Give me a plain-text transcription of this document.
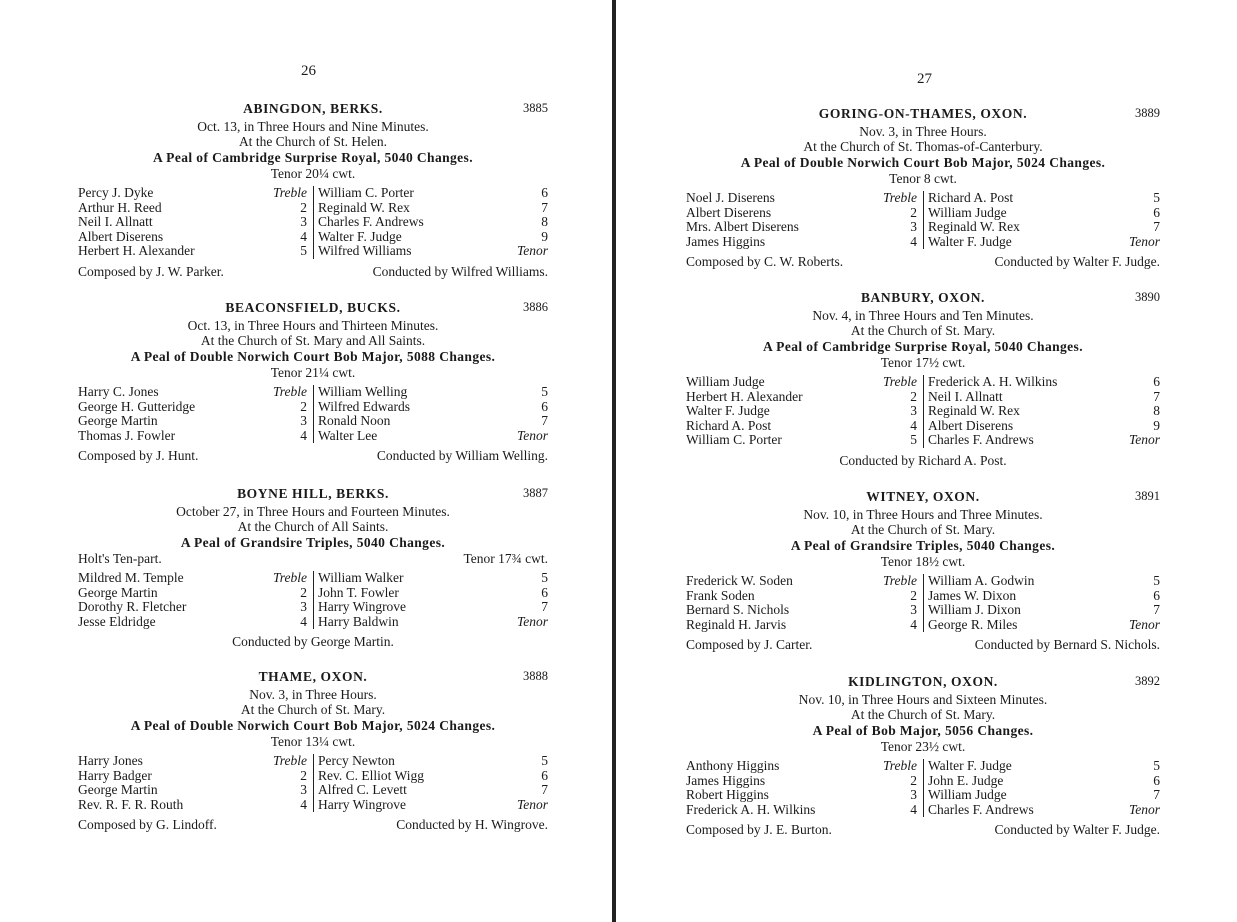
26
ABINGDON, BERKS.	3885
Oct. 13, in Three Hours and Nine Minutes.
At the Church of St. Helen.
A Peal of Cambridge Surprise Royal, 5040 Changes.
Tenor 20¼ cwt.
Percy J. Dyke	Treble
Arthur H. Reed	2
Neil I. Allnatt	3
Albert Diserens	4
Herbert H. Alexander	5
William C. Porter	6
Reginald W. Rex	7
Charles F. Andrews	8
Walter F. Judge	9
Wilfred Williams	Tenor
Composed by J. W. Parker.	Conducted by Wilfred Williams.
BEACONSFIELD, BUCKS.	3886
Oct. 13, in Three Hours and Thirteen Minutes.
At the Church of St. Mary and All Saints.
A Peal of Double Norwich Court Bob Major, 5088 Changes.
Tenor 21¼ cwt.
Harry C. Jones	Treble
George H. Gutteridge	2
George Martin	3
Thomas J. Fowler	4
William Welling	5
Wilfred Edwards	6
Ronald Noon	7
Walter Lee	Tenor
Composed by J. Hunt.	Conducted by William Welling.
BOYNE HILL, BERKS.	3887
October 27, in Three Hours and Fourteen Minutes.
At the Church of All Saints.
A Peal of Grandsire Triples, 5040 Changes.
Holt's Ten-part.	Tenor 17¾ cwt.
Mildred M. Temple	Treble
George Martin	2
Dorothy R. Fletcher	3
Jesse Eldridge	4
William Walker	5
John T. Fowler	6
Harry Wingrove	7
Harry Baldwin	Tenor
Conducted by George Martin.
THAME, OXON.	3888
Nov. 3, in Three Hours.
At the Church of St. Mary.
A Peal of Double Norwich Court Bob Major, 5024 Changes.
Tenor 13¼ cwt.
Harry Jones	Treble
Harry Badger	2
George Martin	3
Rev. R. F. R. Routh	4
Percy Newton	5
Rev. C. Elliot Wigg	6
Alfred C. Levett	7
Harry Wingrove	Tenor
Composed by G. Lindoff.	Conducted by H. Wingrove.
27
GORING-ON-THAMES, OXON.	3889
Nov. 3, in Three Hours.
At the Church of St. Thomas-of-Canterbury.
A Peal of Double Norwich Court Bob Major, 5024 Changes.
Tenor 8 cwt.
Noel J. Diserens	Treble
Albert Diserens	2
Mrs. Albert Diserens	3
James Higgins	4
Richard A. Post	5
William Judge	6
Reginald W. Rex	7
Walter F. Judge	Tenor
Composed by C. W. Roberts.	Conducted by Walter F. Judge.
BANBURY, OXON.	3890
Nov. 4, in Three Hours and Ten Minutes.
At the Church of St. Mary.
A Peal of Cambridge Surprise Royal, 5040 Changes.
Tenor 17½ cwt.
William Judge	Treble
Herbert H. Alexander	2
Walter F. Judge	3
Richard A. Post	4
William C. Porter	5
Frederick A. H. Wilkins	6
Neil I. Allnatt	7
Reginald W. Rex	8
Albert Diserens	9
Charles F. Andrews	Tenor
Conducted by Richard A. Post.
WITNEY, OXON.	3891
Nov. 10, in Three Hours and Three Minutes.
At the Church of St. Mary.
A Peal of Grandsire Triples, 5040 Changes.
Tenor 18½ cwt.
Frederick W. Soden	Treble
Frank Soden	2
Bernard S. Nichols	3
Reginald H. Jarvis	4
William A. Godwin	5
James W. Dixon	6
William J. Dixon	7
George R. Miles	Tenor
Composed by J. Carter.	Conducted by Bernard S. Nichols.
KIDLINGTON, OXON.	3892
Nov. 10, in Three Hours and Sixteen Minutes.
At the Church of St. Mary.
A Peal of Bob Major, 5056 Changes.
Tenor 23½ cwt.
Anthony Higgins	Treble
James Higgins	2
Robert Higgins	3
Frederick A. H. Wilkins	4
Walter F. Judge	5
John E. Judge	6
William Judge	7
Charles F. Andrews	Tenor
Composed by J. E. Burton.	Conducted by Walter F. Judge.
